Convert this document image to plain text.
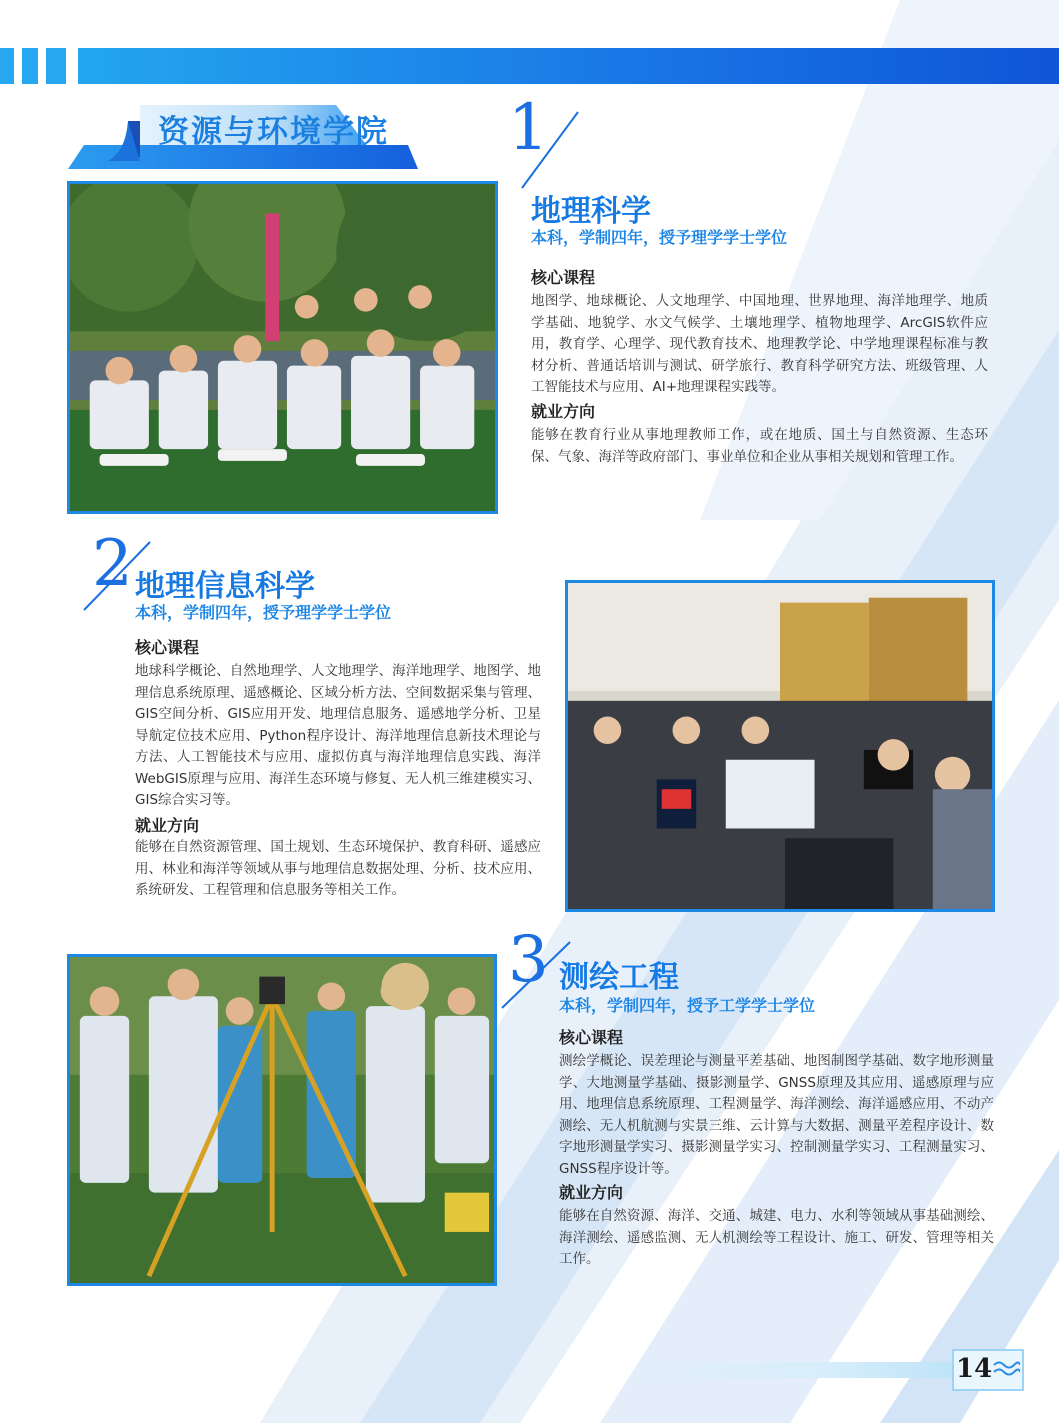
资源与环境学院 1
地理科学
本科，学制四年，授予理学学士学位
核心课程

地图学、地球概论、人文地理学、中国地理、世界地理、海洋地理学、地质学基础、地貌学、水文气候学、土壤地理学、植物地理学、ArcGIS软件应用，教育学、心理学、现代教育技术、地理教学论、中学地理课程标准与教材分析、普通话培训与测试、研学旅行、教育科学研究方法、班级管理、人工智能技术与应用、AI+地理课程实践等。

就业方向

能够在教育行业从事地理教师工作，或在地质、国土与自然资源、生态环保、气象、海洋等政府部门、事业单位和企业从事相关规划和管理工作。

2 地理信息科学
本科，学制四年，授予理学学士学位
核心课程

地球科学概论、自然地理学、人文地理学、海洋地理学、地图学、地理信息系统原理、遥感概论、区域分析方法、空间数据采集与管理、GIS空间分析、GIS应用开发、地理信息服务、遥感地学分析、卫星导航定位技术应用、Python程序设计、海洋地理信息新技术理论与方法、人工智能技术与应用、虚拟仿真与海洋地理信息实践、海洋WebGIS原理与应用、海洋生态环境与修复、无人机三维建模实习、GIS综合实习等。

就业方向

能够在自然资源管理、国土规划、生态环境保护、教育科研、遥感应用、林业和海洋等领域从事与地理信息数据处理、分析、技术应用、系统研发、工程管理和信息服务等相关工作。

3 测绘工程
本科，学制四年，授予工学学士学位
核心课程

测绘学概论、误差理论与测量平差基础、地图制图学基础、数字地形测量学、大地测量学基础、摄影测量学、GNSS原理及其应用、遥感原理与应用、地理信息系统原理、工程测量学、海洋测绘、海洋遥感应用、不动产测绘、无人机航测与实景三维、云计算与大数据、测量平差程序设计、数字地形测量学实习、摄影测量学实习、控制测量学实习、工程测量实习、GNSS程序设计等。

就业方向

能够在自然资源、海洋、交通、城建、电力、水利等领域从事基础测绘、海洋测绘、遥感监测、无人机测绘等工程设计、施工、研发、管理等相关工作。

14
